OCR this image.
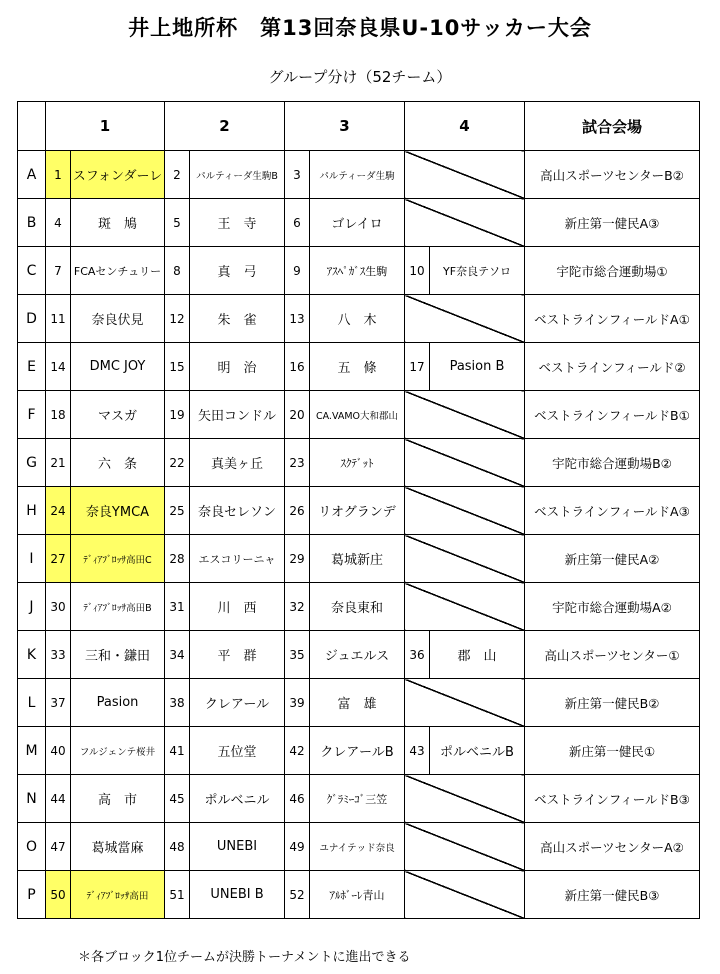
井上地所杯　第13回奈良県U-10サッカー大会
グループ分け（52チーム）
	1		2		3		4		試合会場
A	1	スフォンダーレ	2	パルティーダ生駒B	3	パルティーダ生駒			高山スポーツセンターB②
B	4	斑　鳩	5	王　寺	6	ゴレイロ			新庄第一健民A③
C	7	FCAセンチュリー	8	真　弓	9	ｱｽﾍﾟｶﾞｽ生駒	10	YF奈良テソロ	宇陀市総合運動場①
D	11	奈良伏見	12	朱　雀	13	八　木			ベストラインフィールドA①
E	14	DMC JOY	15	明　治	16	五　條	17	Pasion B	ベストラインフィールド②
F	18	マスガ	19	矢田コンドル	20	CA.VAMO大和郡山			ベストラインフィールドB①
G	21	六　条	22	真美ヶ丘	23	ｽｸﾃﾞｯﾄ			宇陀市総合運動場B②
H	24	奈良YMCA	25	奈良セレソン	26	リオグランデ			ベストラインフィールドA③
I	27	ﾃﾞｨｱﾌﾞﾛｯｻ高田C	28	エスコリーニャ	29	葛城新庄			新庄第一健民A②
J	30	ﾃﾞｨｱﾌﾞﾛｯｻ高田B	31	川　西	32	奈良東和			宇陀市総合運動場A②
K	33	三和・鎌田	34	平　群	35	ジュエルス	36	郡　山	高山スポーツセンター①
L	37	Pasion	38	クレアール	39	富　雄			新庄第一健民B②
M	40	フルジェンテ桜井	41	五位堂	42	クレアールB	43	ポルベニルB	新庄第一健民①
N	44	高　市	45	ポルベニル	46	ｸﾞﾗﾐｰｺﾞ三笠			ベストラインフィールドB③
O	47	葛城當麻	48	UNEBI	49	ユナイテッド奈良			高山スポーツセンターA②
P	50	ﾃﾞｨｱﾌﾞﾛｯｻ高田	51	UNEBI B	52	ｱﾙﾎﾞｰﾚ青山			新庄第一健民B③
＊各ブロック1位チームが決勝トーナメントに進出できる
